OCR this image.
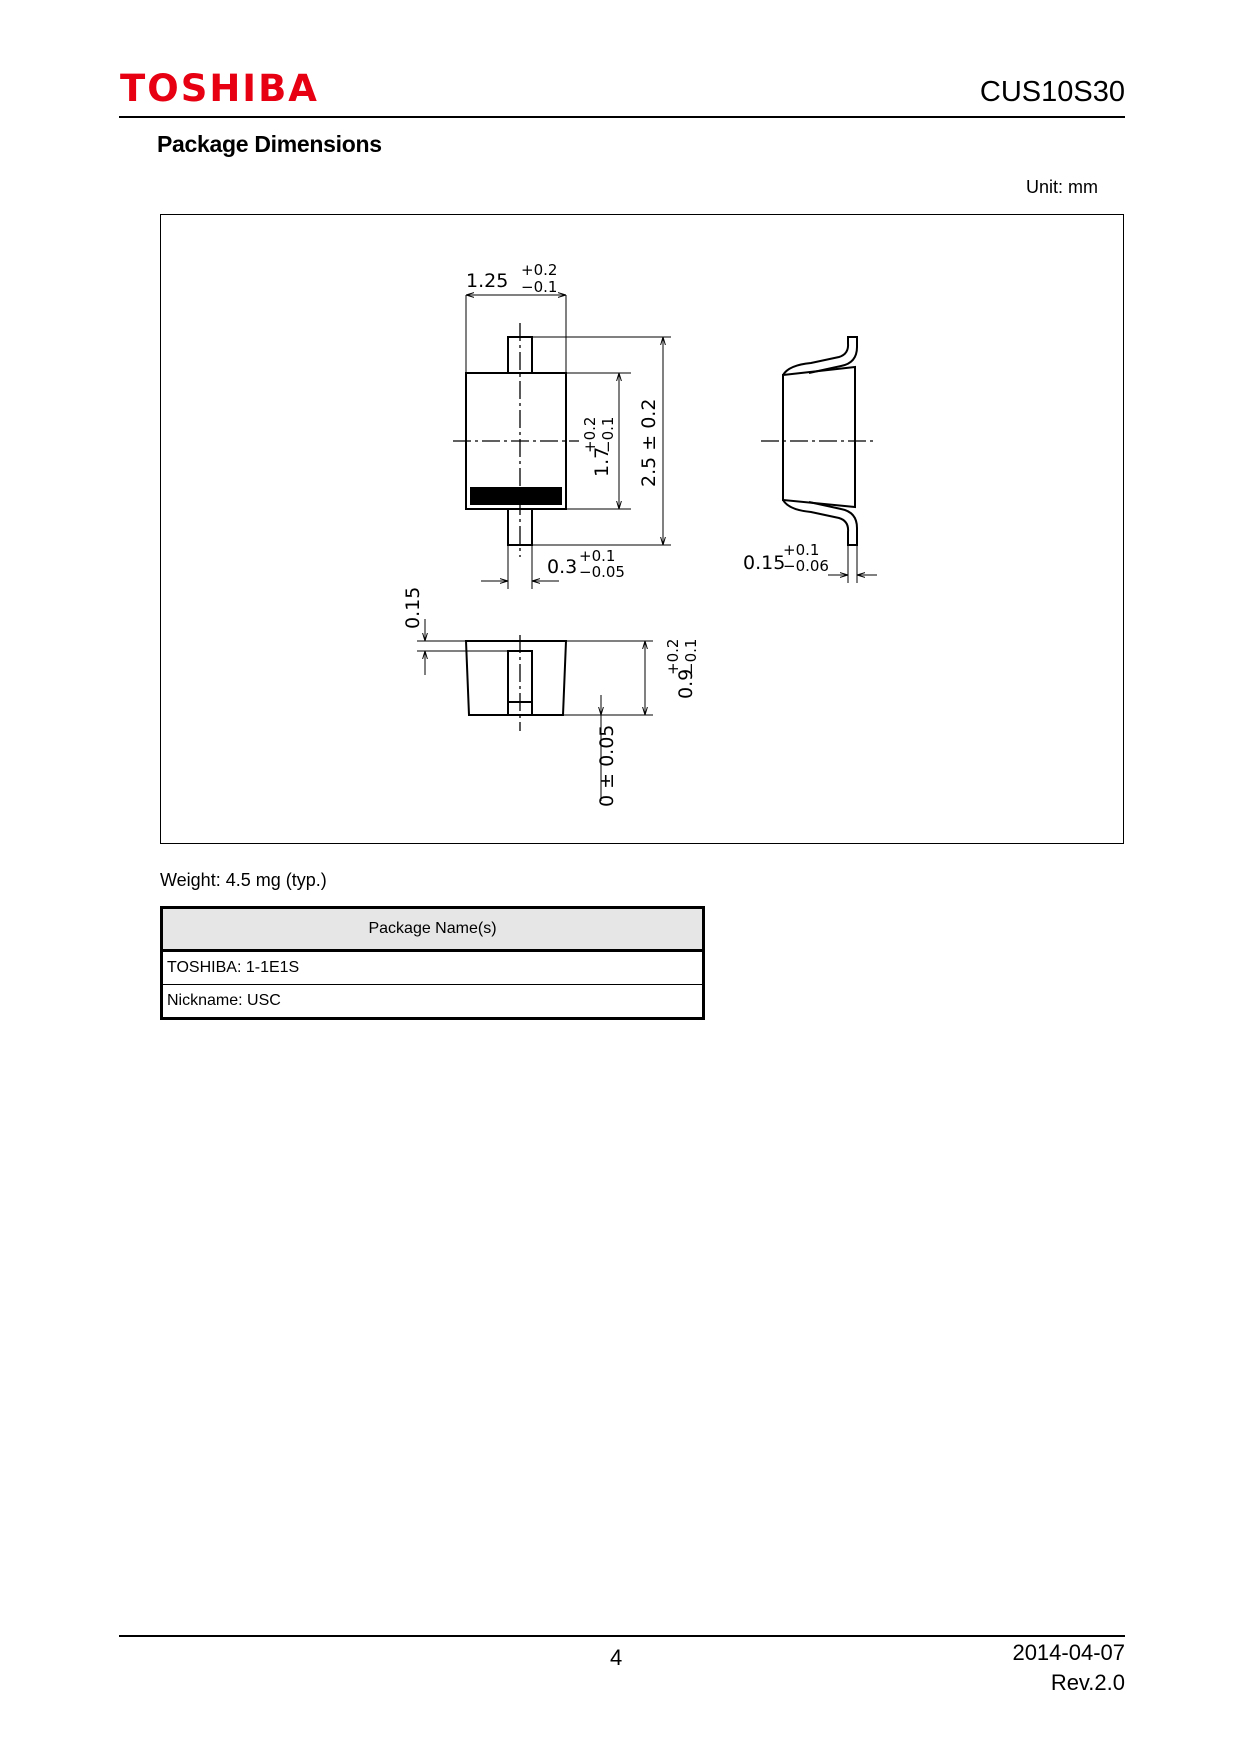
TOSHIBA	CUS10S30
Package Dimensions
Unit: mm
1.25 +0.2
−0.1
1.7
+0.2 −0.1 2.5 ± 0.2
0.3 +0.1
−0.05	0.15
+0.1
−0.06
0.15
0.9
+0.2 −0.1
0 ± 0.05
Weight: 4.5 mg (typ.)
Package Name(s)
TOSHIBA: 1-1E1S
Nickname: USC
4	2014-04-07
Rev.2.0
